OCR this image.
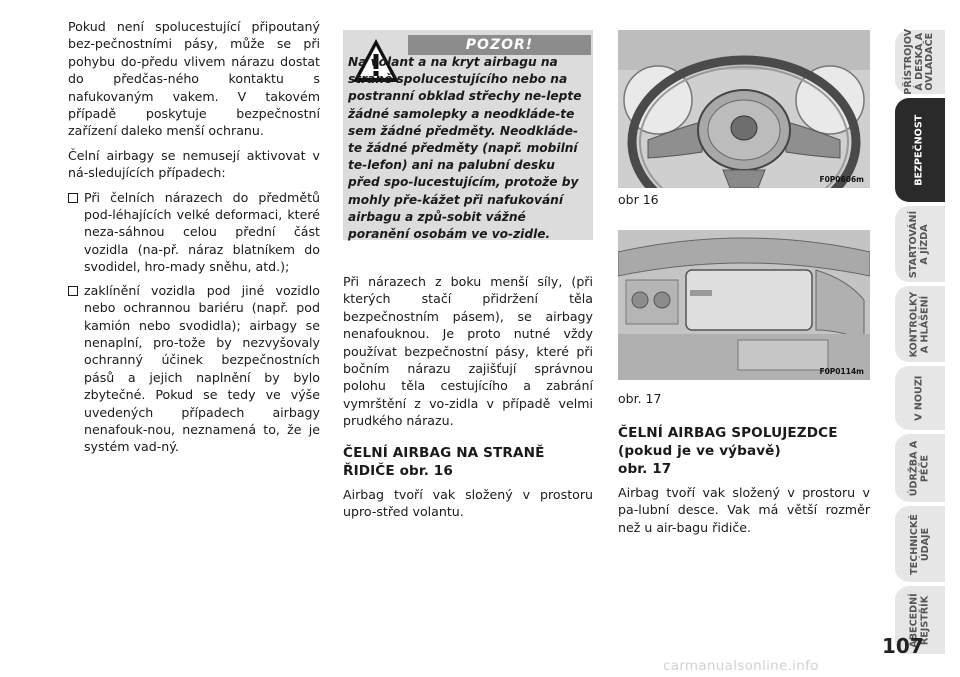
Pokud není spolucestující připoutaný bez-pečnostními pásy, může se při pohybu do-předu vlivem nárazu dostat do předčas-ného kontaktu s nafukovaným vakem. V takovém případě poskytuje bezpečnostní zařízení daleko menší ochranu.

Čelní airbagy se nemusejí aktivovat v ná-sledujících případech:

Při čelních nárazech do předmětů pod-léhajících velké deformaci, které neza-sáhnou celou přední část vozidla (na-př. náraz blatníkem do svodidel, hro-mady sněhu, atd.);

zaklínění vozidla pod jiné vozidlo nebo ochrannou bariéru (např. pod kamión nebo svodidla); airbagy se nenaplní, pro-tože by nezvyšovaly ochranný účinek bezpečnostních pásů a jejich naplnění by bylo zbytečné. Pokud se tedy ve výše uvedených případech airbagy nenafouk-nou, neznamená to, že je systém vad-ný.

POZOR!
Na volant a na kryt airbagu na straně spolucestujícího nebo na postranní obklad střechy ne-lepte žádné samolepky a neodkláde-te sem žádné předměty. Neodkláde-te žádné předměty (např. mobilní te-lefon) ani na palubní desku před spo-lucestujícím, protože by mohly pře-kážet při nafukování airbagu a způ-sobit vážné poranění osobám ve vo-zidle.

Při nárazech z boku menší síly, (při kterých stačí přidržení těla bezpečnostním pásem), se airbagy nenafouknou. Je proto nutné vždy používat bezpečnostní pásy, které při bočním nárazu zajišťují správnou polohu těla cestujícího a zabrání vymrštění z vo-zidla v případě velmi prudkého nárazu.

ČELNÍ AIRBAG NA STRANĚ ŘIDIČE obr. 16

Airbag tvoří vak složený v prostoru upro-střed volantu.

F0P0606m
obr 16
F0P0114m
obr. 17

ČELNÍ AIRBAG SPOLUJEZDCE (pokud je ve výbavě)
obr. 17

Airbag tvoří vak složený v prostoru v pa-lubní desce. Vak má větší rozměr než u air-bagu řidiče.

PŘÍSTROJOV
Á DESKA A
OVLADAČE
BEZPEČNOST
STARTOVÁNÍ
A JÍZDA
KONTROLKY
A HLÁŠENÍ
V NOUZI
ÚDRŽBA A
PÉČE
TECHNICKÉ
ÚDAJE
ABECEDNÍ
REJSTŘÍK
107
carmanualsonline.info
